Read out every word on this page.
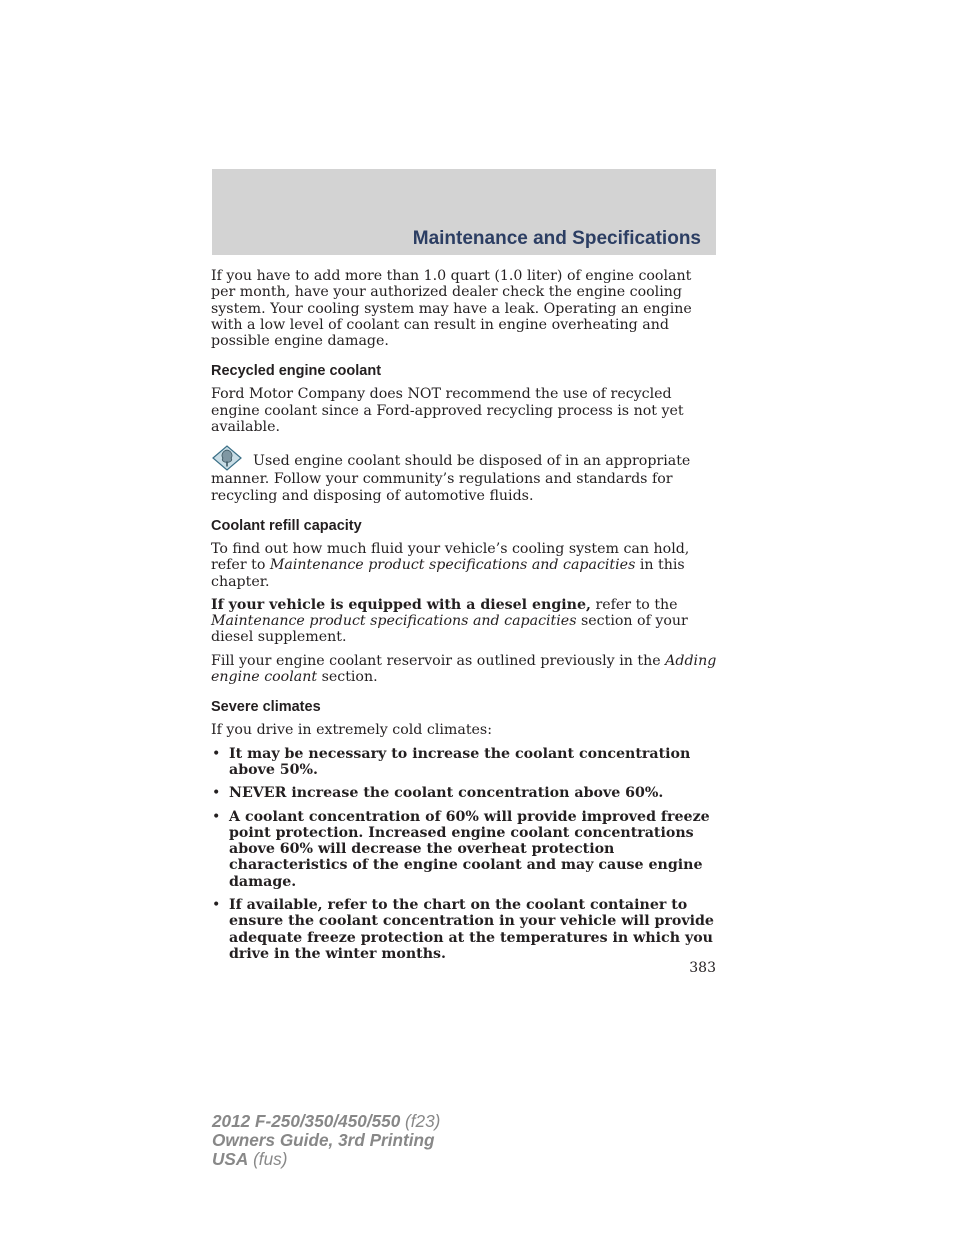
Maintenance and Specifications

If you have to add more than 1.0 quart (1.0 liter) of engine coolant per month, have your authorized dealer check the engine cooling system. Your cooling system may have a leak. Operating an engine with a low level of coolant can result in engine overheating and possible engine damage.

Recycled engine coolant

Ford Motor Company does NOT recommend the use of recycled engine coolant since a Ford-approved recycling process is not yet available.

Used engine coolant should be disposed of in an appropriate manner. Follow your community’s regulations and standards for recycling and disposing of automotive fluids.

Coolant refill capacity

To find out how much fluid your vehicle’s cooling system can hold, refer to Maintenance product specifications and capacities in this chapter.

If your vehicle is equipped with a diesel engine, refer to the Maintenance product specifications and capacities section of your diesel supplement.

Fill your engine coolant reservoir as outlined previously in the Adding engine coolant section.

Severe climates

If you drive in extremely cold climates:

• It may be necessary to increase the coolant concentration above 50%.
• NEVER increase the coolant concentration above 60%.
• A coolant concentration of 60% will provide improved freeze point protection. Increased engine coolant concentrations above 60% will decrease the overheat protection characteristics of the engine coolant and may cause engine damage.
• If available, refer to the chart on the coolant container to ensure the coolant concentration in your vehicle will provide adequate freeze protection at the temperatures in which you drive in the winter months.
383
2012 F-250/350/450/550 (f23)
Owners Guide, 3rd Printing
USA (fus)
